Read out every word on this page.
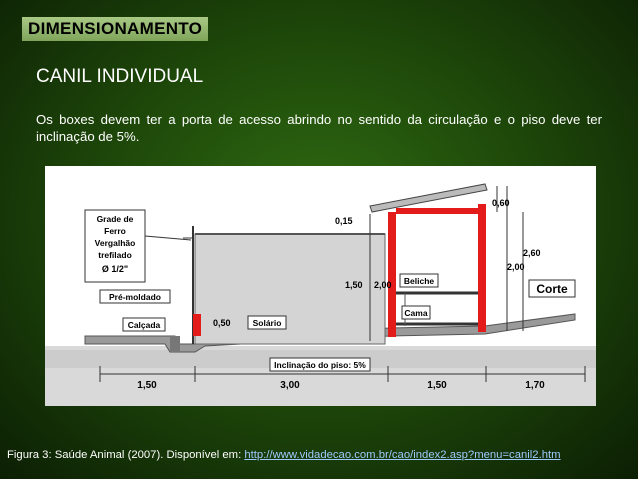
DIMENSIONAMENTO
CANIL INDIVIDUAL
Os boxes devem ter a porta de acesso abrindo no sentido da circulação e o piso deve ter inclinação de 5%.
Grade de
Ferro
Vergalhão
trefilado
Ø 1/2"
Pré-moldado
Calçada	0,50	Solário
0,15
1,50 2,00 Beliche
Cama
0,60
2,60
2,00
Corte
Inclinação do piso: 5%
1,50	3,00	1,50	1,70
Figura 3: Saúde Animal (2007). Disponível em: http://www.vidadecao.com.br/cao/index2.asp?menu=canil2.htm
